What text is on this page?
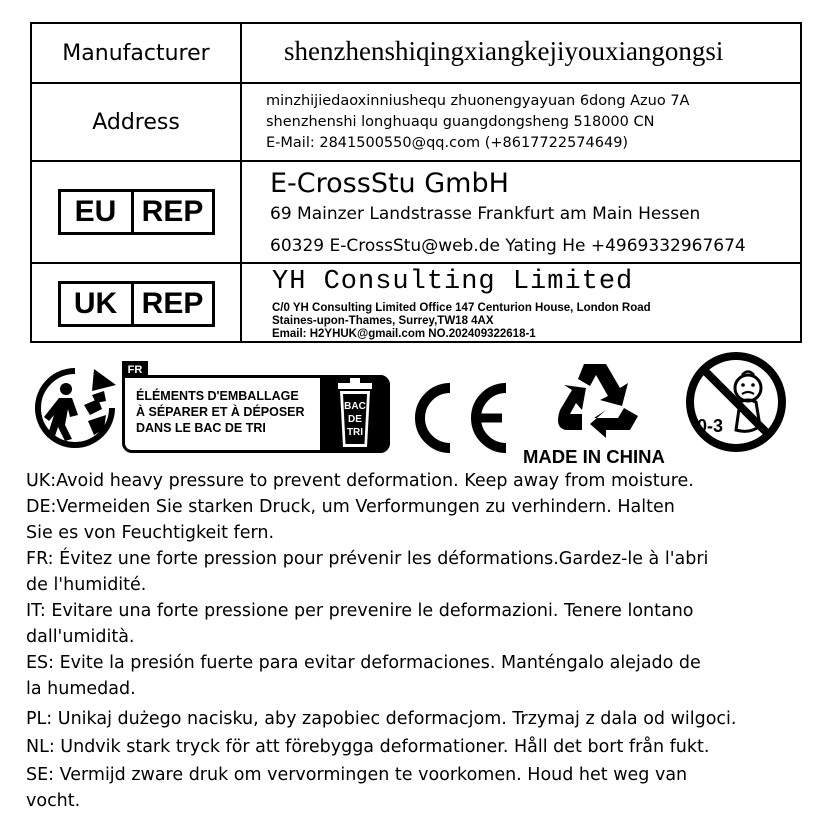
Manufacturer	shenzhenshiqingxiangkejiyouxiangongsi
Address
minzhijiedaoxinniushequ zhuonengyayuan 6dong Azuo 7A
shenzhenshi longhuaqu guangdongsheng 518000 CN
E-Mail: 2841500550@qq.com (+8617722574649)
EU REP
E-CrossStu GmbH
69 Mainzer Landstrasse Frankfurt am Main Hessen
60329 E-CrossStu@web.de Yating He +4969332967674
UK REP
YH Consulting Limited
C/0 YH Consulting Limited Office 147 Centurion House, London Road
Staines-upon-Thames, Surrey,TW18 4AX
Email: H2YHUK@gmail.com NO.202409322618-1
FR
ÉLÉMENTS D'EMBALLAGE
À SÉPARER ET À DÉPOSER
DANS LE BAC DE TRI
BAC
DE
TRI
MADE IN CHINA
0-3
UK:Avoid heavy pressure to prevent deformation. Keep away from moisture.
DE:Vermeiden Sie starken Druck, um Verformungen zu verhindern. Halten
Sie es von Feuchtigkeit fern.
FR: Évitez une forte pression pour prévenir les déformations.Gardez-le à l'abri
de l'humidité.
IT: Evitare una forte pressione per prevenire le deformazioni. Tenere lontano
dall'umidità.
ES: Evite la presión fuerte para evitar deformaciones. Manténgalo alejado de
la humedad.
PL: Unikaj dużego nacisku, aby zapobiec deformacjom. Trzymaj z dala od wilgoci.
NL: Undvik stark tryck för att förebygga deformationer. Håll det bort från fukt.
SE: Vermijd zware druk om vervormingen te voorkomen. Houd het weg van
vocht.
